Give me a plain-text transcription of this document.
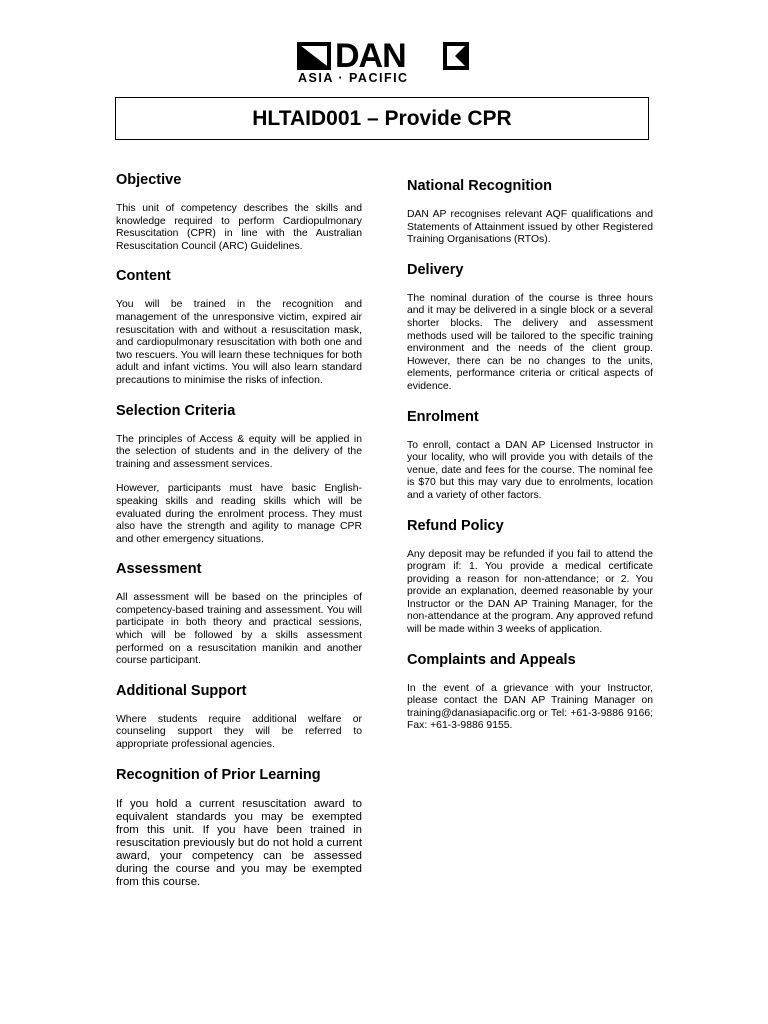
DAN
ASIA · PACIFIC
HLTAID001 – Provide CPR
Objective

This unit of competency describes the skills and knowledge required to perform Cardiopulmonary Resuscitation (CPR) in line with the Australian Resuscitation Council (ARC) Guidelines.

Content

You will be trained in the recognition and management of the unresponsive victim, expired air resuscitation with and without a resuscitation mask, and cardiopulmonary resuscitation with both one and two rescuers. You will learn these techniques for both adult and infant victims. You will also learn standard precautions to minimise the risks of infection.

Selection Criteria

The principles of Access & equity will be applied in the selection of students and in the delivery of the training and assessment services.

However, participants must have basic English-speaking skills and reading skills which will be evaluated during the enrolment process. They must also have the strength and agility to manage CPR and other emergency situations.

Assessment

All assessment will be based on the principles of competency-based training and assessment. You will participate in both theory and practical sessions, which will be followed by a skills assessment performed on a resuscitation manikin and another course participant.

Additional Support

Where students require additional welfare or counseling support they will be referred to appropriate professional agencies.

Recognition of Prior Learning

If you hold a current resuscitation award to equivalent standards you may be exempted from this unit. If you have been trained in resuscitation previously but do not hold a current award, your competency can be assessed during the course and you may be exempted from this course.

National Recognition

DAN AP recognises relevant AQF qualifications and Statements of Attainment issued by other Registered Training Organisations (RTOs).

Delivery

The nominal duration of the course is three hours and it may be delivered in a single block or a several shorter blocks. The delivery and assessment methods used will be tailored to the specific training environment and the needs of the client group. However, there can be no changes to the units, elements, performance criteria or critical aspects of evidence.

Enrolment

To enroll, contact a DAN AP Licensed Instructor in your locality, who will provide you with details of the venue, date and fees for the course. The nominal fee is $70 but this may vary due to enrolments, location and a variety of other factors.

Refund Policy

Any deposit may be refunded if you fail to attend the program if: 1. You provide a medical certificate providing a reason for non-attendance; or 2. You provide an explanation, deemed reasonable by your Instructor or the DAN AP Training Manager, for the non-attendance at the program. Any approved refund will be made within 3 weeks of application.

Complaints and Appeals

In the event of a grievance with your Instructor, please contact the DAN AP Training Manager on training@danasiapacific.org or Tel: +61-3-9886 9166; Fax: +61-3-9886 9155.
